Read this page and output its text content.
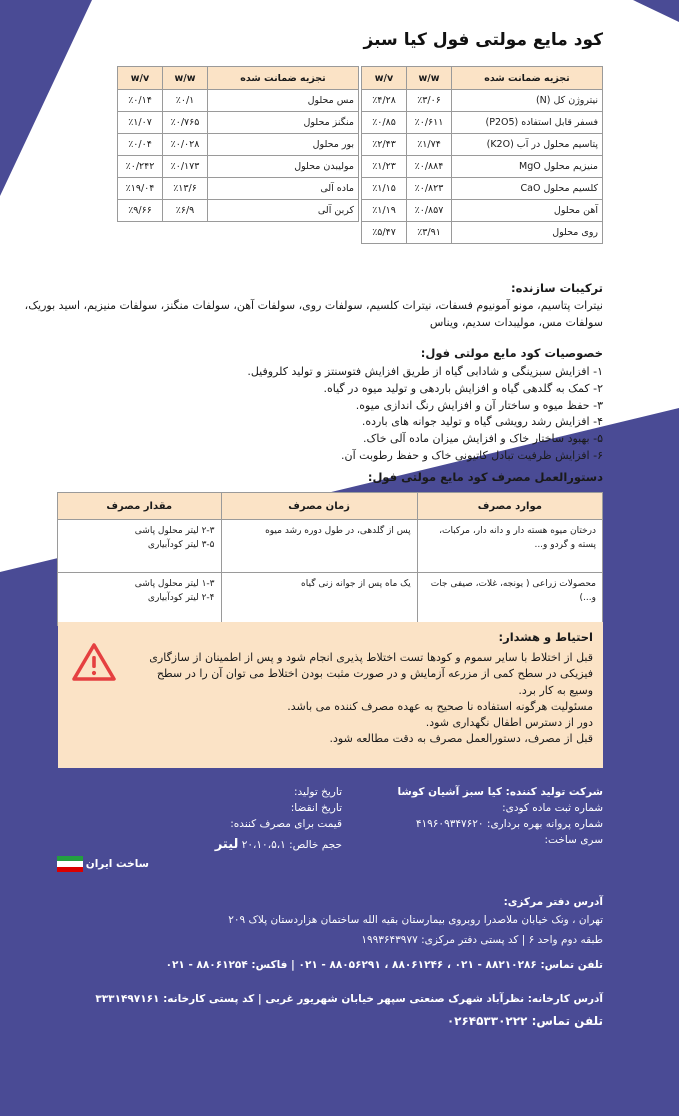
کود مایع مولتی فول کیا سبز
تجزیه ضمانت شده	w/w	w/v
نیتروژن کل (N)	٪۳/۰۶	٪۴/۲۸
فسفر قابل استفاده (P2O5)	٪۰/۶۱۱	٪۰/۸۵
پتاسیم محلول در آب (K2O)	٪۱/۷۴	٪۲/۴۳
منیزیم محلول MgO	٪۰/۸۸۴	٪۱/۲۳
کلسیم محلول CaO	٪۰/۸۲۳	٪۱/۱۵
آهن محلول	٪۰/۸۵۷	٪۱/۱۹
روی محلول	٪۳/۹۱	٪۵/۴۷
تجزیه ضمانت شده	w/w	w/v
مس محلول	٪۰/۱	٪۰/۱۴
منگنز محلول	٪۰/۷۶۵	٪۱/۰۷
بور محلول	٪۰/۰۲۸	٪۰/۰۴
مولیبدن محلول	٪۰/۱۷۳	٪۰/۲۴۲
ماده آلی	٪۱۳/۶	٪۱۹/۰۴
کربن آلی	٪۶/۹	٪۹/۶۶
ترکیبات سازنده:
نیترات پتاسیم، مونو آمونیوم فسفات، نیترات کلسیم، سولفات روی، سولفات آهن، سولفات منگنز، سولفات منیزیم، اسید بوریک، سولفات مس، مولیبدات سدیم، ویناس
خصوصیات کود مایع مولتی فول:
۱- افزایش سبزینگی و شادابی گیاه از طریق افزایش فتوسنتز و تولید کلروفیل.
۲- کمک به گلدهی گیاه و افزایش باردهی و تولید میوه در گیاه.
۳- حفظ میوه و ساختار آن و افزایش رنگ اندازی میوه.
۴- افزایش رشد رویشی گیاه و تولید جوانه های بارده.
۵- بهبود ساختار خاک و افزایش میزان ماده آلی خاک.
۶- افزایش ظرفیت تبادل کاتیونی خاک و حفظ رطوبت آن.
دستورالعمل مصرف کود مایع مولتی فول:
موارد مصرف	زمان مصرف	مقدار مصرف
درختان میوه هسته دار و دانه دار، مرکبات، پسته و گردو و...	پس از گلدهی، در طول دوره رشد میوه	۲-۳ لیتر محلول پاشی
۳-۵ لیتر کودآبیاری
محصولات زراعی ( یونجه، غلات، صیفی جات و...)	یک ماه پس از جوانه زنی گیاه	۱-۳ لیتر محلول پاشی
۲-۴ لیتر کودآبیاری
احتیاط و هشدار:
قبل از اختلاط با سایر سموم و کودها تست اختلاط پذیری انجام شود و پس از اطمینان از سازگاری فیزیکی در سطح کمی از مزرعه آزمایش و در صورت مثبت بودن اختلاط می توان آن را در سطح وسیع به کار برد.
مسئولیت هرگونه استفاده نا صحیح به عهده مصرف کننده می باشد.
دور از دسترس اطفال نگهداری شود.
قبل از مصرف، دستورالعمل مصرف به دقت مطالعه شود.
شرکت تولید کننده: کیا سبز آشیان کوشا
شماره ثبت ماده کودی:
شماره پروانه بهره برداری: ۴۱۹۶۰۹۳۴۷۶۲۰
سری ساخت:
تاریخ تولید:
تاریخ انقضا:
قیمت برای مصرف کننده:
حجم خالص: ۲۰،۱۰،۵،۱ لیتر
ساخت ایران
آدرس دفتر مرکزی:
تهران ، ونک خیابان ملاصدرا روبروی بیمارستان بقیه الله ساختمان هزاردستان پلاک ۲۰۹
طبقه دوم واحد ۶ | کد پستی دفتر مرکزی: ۱۹۹۳۶۴۳۹۷۷
تلفن تماس: ۸۸۲۱۰۲۸۶ - ۰۲۱ ، ۸۸۰۶۱۲۴۶ ، ۸۸۰۵۶۲۹۱ - ۰۲۱ | فاکس: ۸۸۰۶۱۲۵۴ - ۰۲۱
آدرس کارخانه: نظرآباد شهرک صنعتی سپهر خیابان شهریور غربی | کد پستی کارخانه: ۳۳۳۱۴۹۷۱۶۱
تلفن تماس: ۰۲۶۴۵۳۳۰۲۲۲
